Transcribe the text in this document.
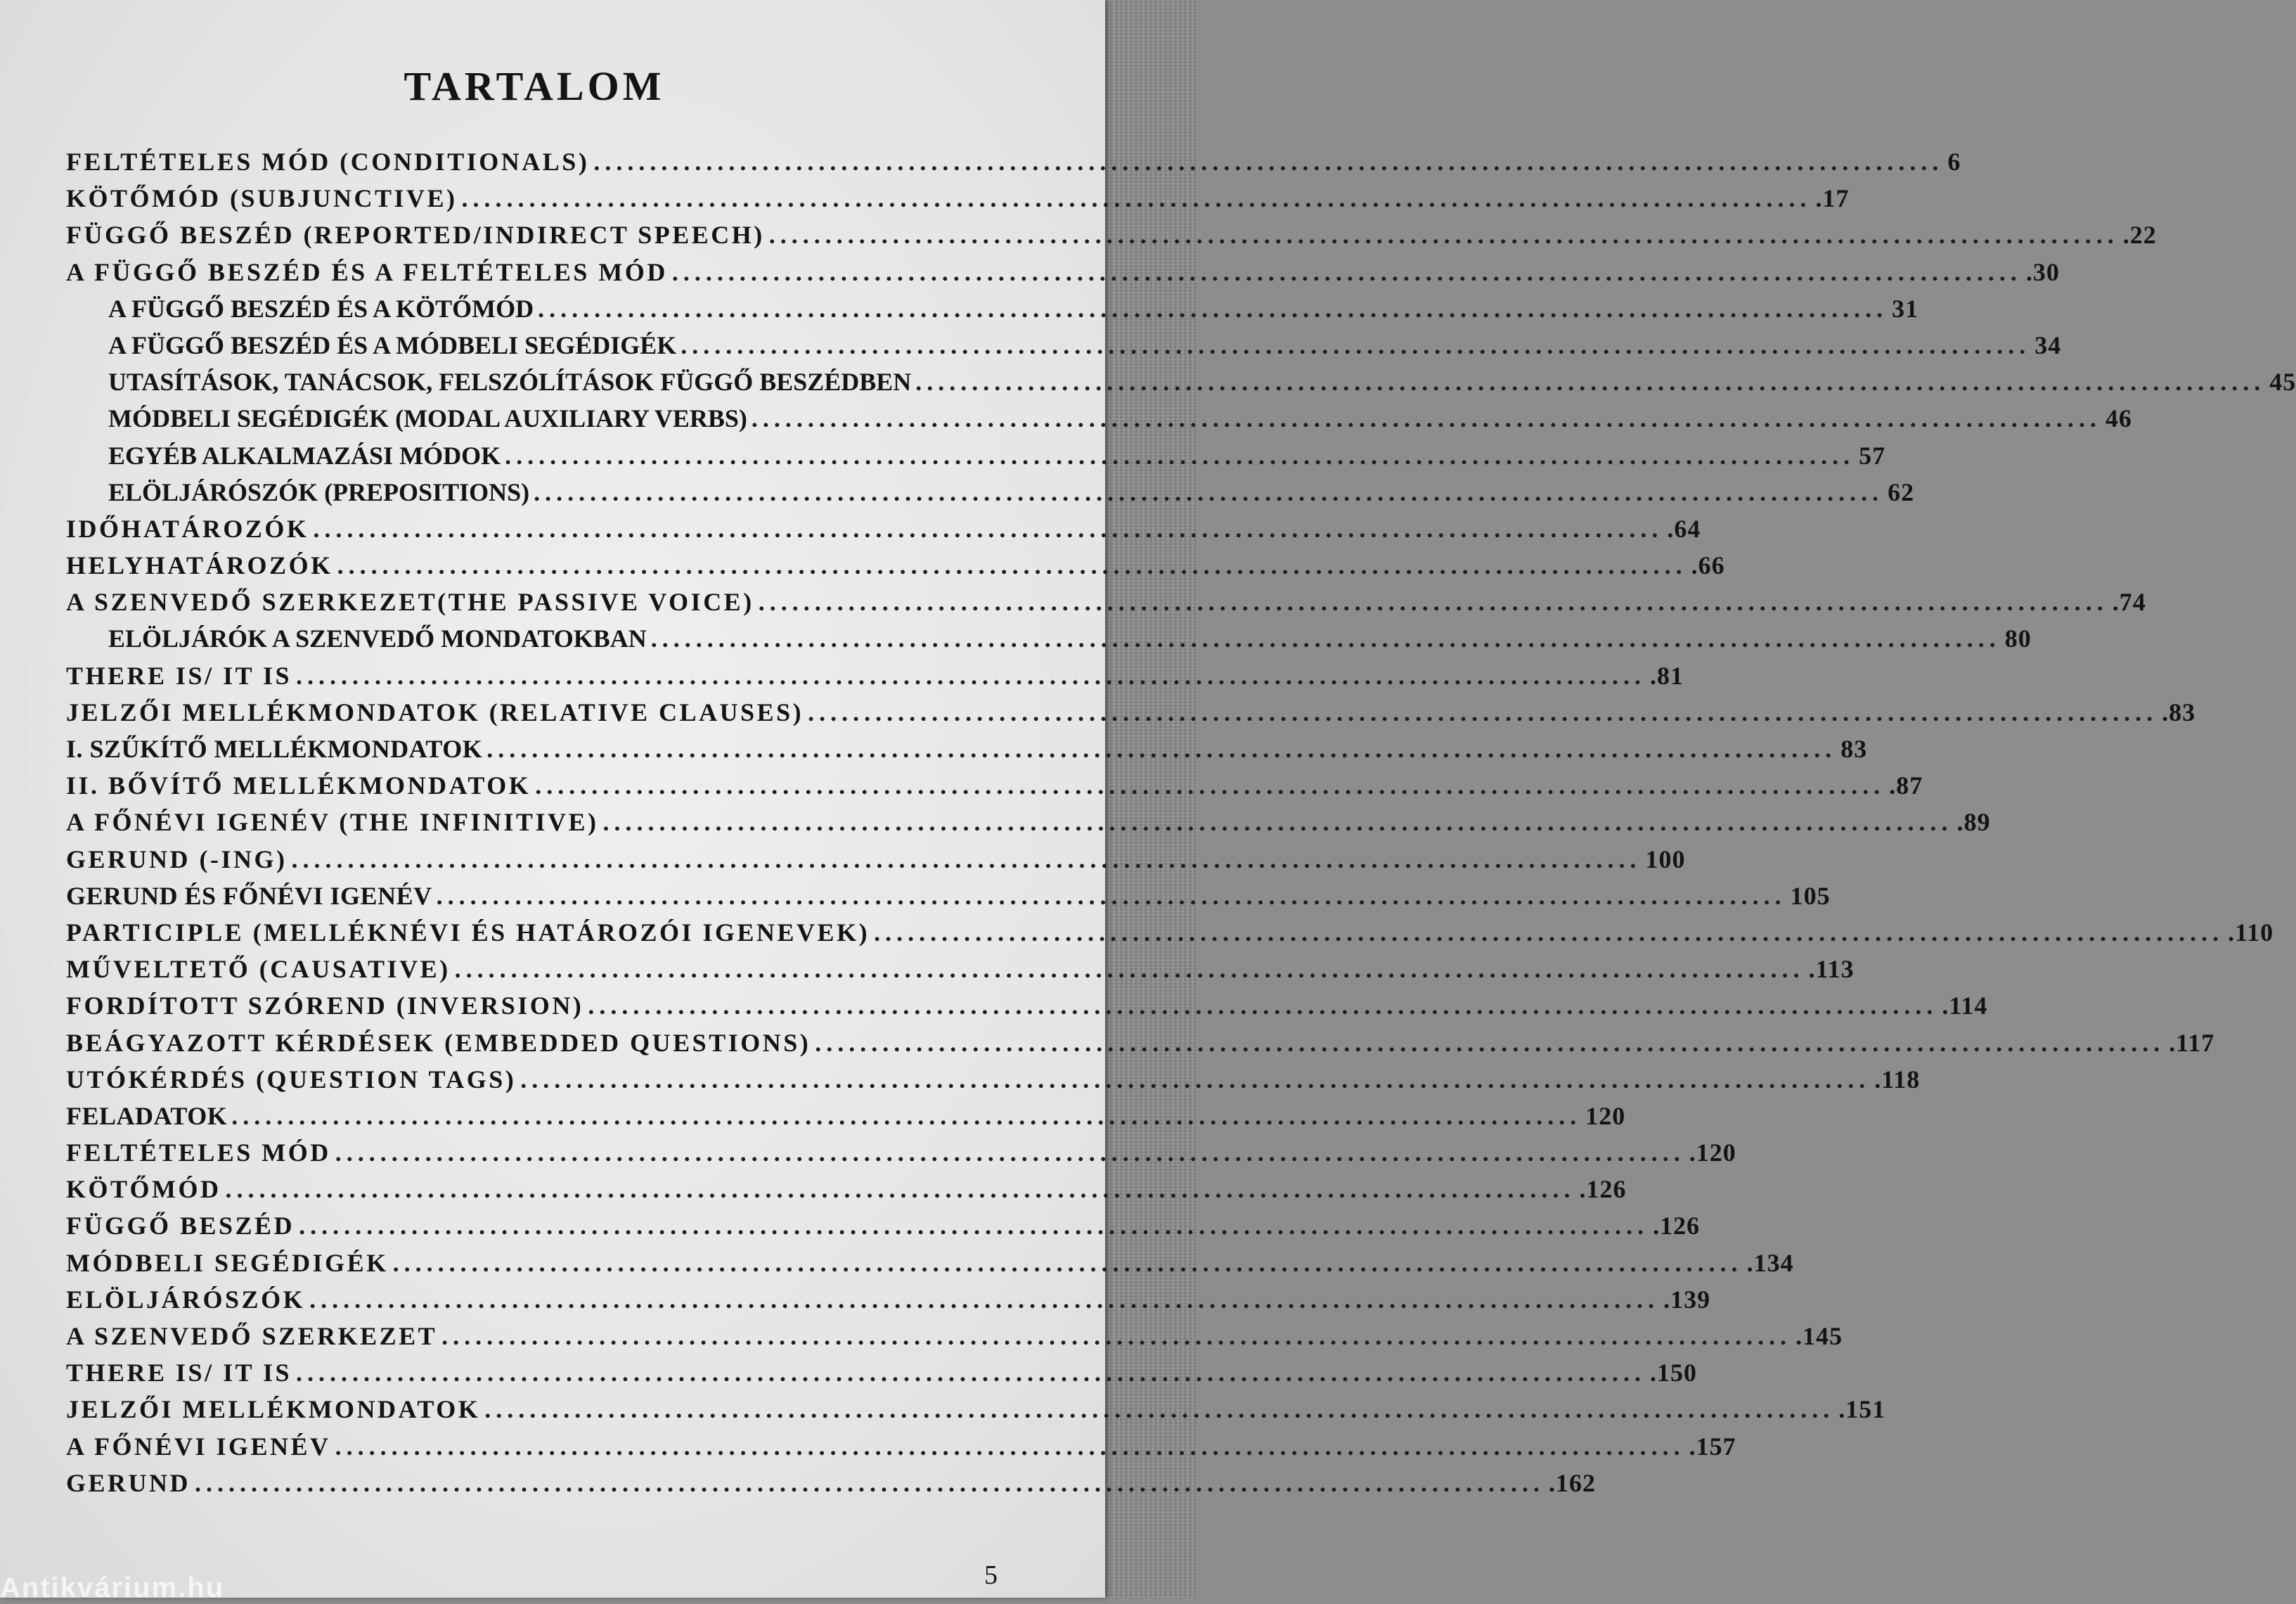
TARTALOM
FELTÉTELES MÓD (CONDITIONALS) ........................................................................................................................ 6
KÖTŐMÓD (SUBJUNCTIVE) ........................................................................................................................ .17
FÜGGŐ BESZÉD (REPORTED/INDIRECT SPEECH) ........................................................................................................................ .22
A FÜGGŐ BESZÉD ÉS A FELTÉTELES MÓD ........................................................................................................................ .30
A FÜGGŐ BESZÉD ÉS A KÖTŐMÓD ........................................................................................................................ 31
A FÜGGŐ BESZÉD ÉS A MÓDBELI SEGÉDIGÉK ........................................................................................................................ 34
UTASÍTÁSOK, TANÁCSOK, FELSZÓLÍTÁSOK FÜGGŐ BESZÉDBEN ........................................................................................................................ 45
MÓDBELI SEGÉDIGÉK (MODAL AUXILIARY VERBS) ........................................................................................................................ 46
EGYÉB ALKALMAZÁSI MÓDOK ........................................................................................................................ 57
ELÖLJÁRÓSZÓK (PREPOSITIONS) ........................................................................................................................ 62
IDŐHATÁROZÓK ........................................................................................................................ .64
HELYHATÁROZÓK ........................................................................................................................ .66
A SZENVEDŐ SZERKEZET(THE PASSIVE VOICE) ........................................................................................................................ .74
ELÖLJÁRÓK A SZENVEDŐ MONDATOKBAN ........................................................................................................................ 80
THERE IS/ IT IS ........................................................................................................................ .81
JELZŐI MELLÉKMONDATOK (RELATIVE CLAUSES) ........................................................................................................................ .83
I. SZŰKÍTŐ MELLÉKMONDATOK ........................................................................................................................ 83
II. BŐVÍTŐ MELLÉKMONDATOK ........................................................................................................................ .87
A FŐNÉVI IGENÉV (THE INFINITIVE) ........................................................................................................................ .89
GERUND (-ING) ........................................................................................................................ 100
GERUND ÉS FŐNÉVI IGENÉV ........................................................................................................................ 105
PARTICIPLE (MELLÉKNÉVI ÉS HATÁROZÓI IGENEVEK) ........................................................................................................................ .110
MŰVELTETŐ (CAUSATIVE) ........................................................................................................................ .113
FORDÍTOTT SZÓREND (INVERSION) ........................................................................................................................ .114
BEÁGYAZOTT KÉRDÉSEK (EMBEDDED QUESTIONS) ........................................................................................................................ .117
UTÓKÉRDÉS (QUESTION TAGS) ........................................................................................................................ .118
FELADATOK ........................................................................................................................ 120
FELTÉTELES MÓD ........................................................................................................................ .120
KÖTŐMÓD ........................................................................................................................ .126
FÜGGŐ BESZÉD ........................................................................................................................ .126
MÓDBELI SEGÉDIGÉK ........................................................................................................................ .134
ELÖLJÁRÓSZÓK ........................................................................................................................ .139
A SZENVEDŐ SZERKEZET ........................................................................................................................ .145
THERE IS/ IT IS ........................................................................................................................ .150
JELZŐI MELLÉKMONDATOK ........................................................................................................................ .151
A FŐNÉVI IGENÉV ........................................................................................................................ .157
GERUND ........................................................................................................................ .162
5
Antikvárium.hu
